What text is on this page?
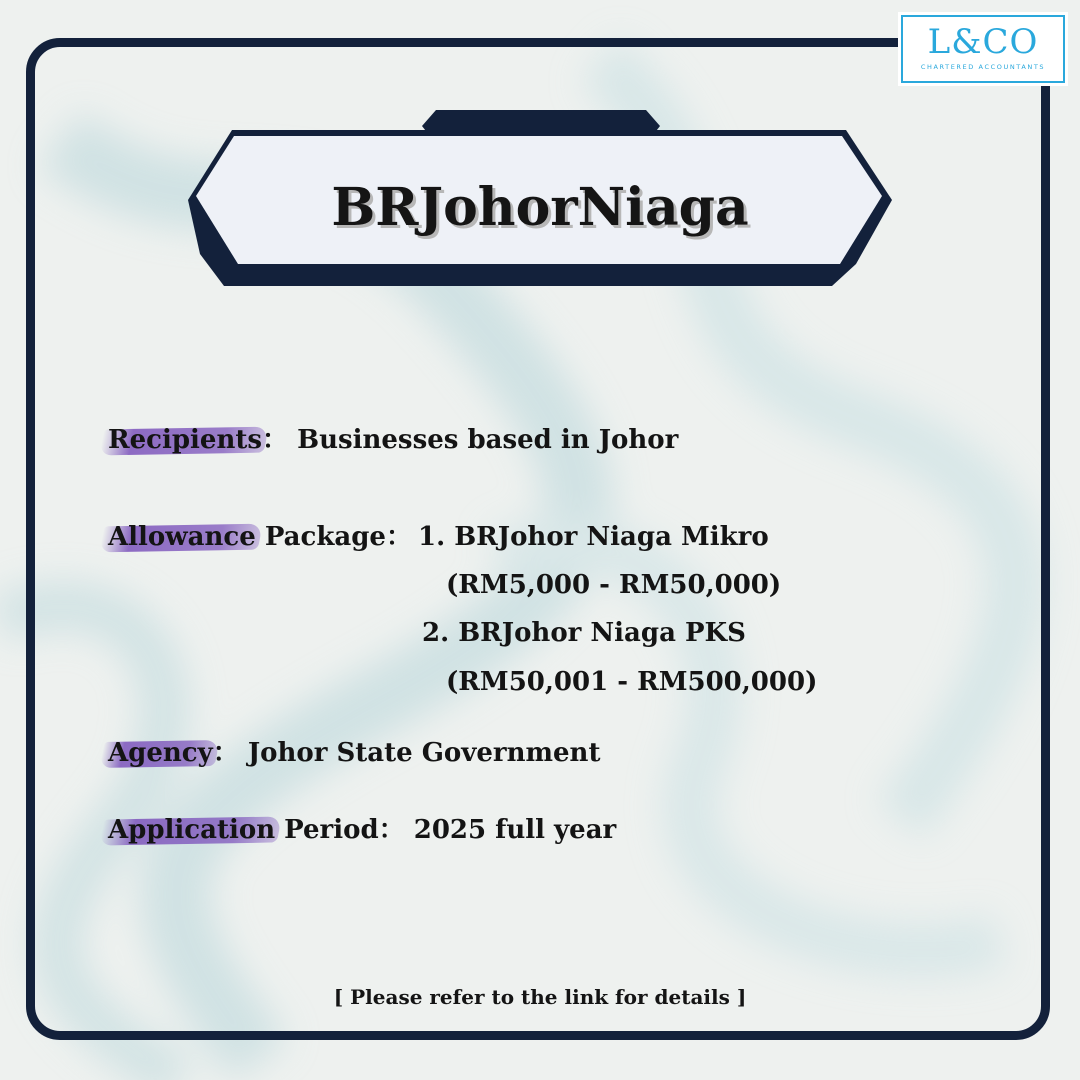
L&CO
CHARTERED ACCOUNTANTS
BRJohorNiaga
Recipients： Businesses based in Johor
Allowance Package： 1. BRJohor Niaga Mikro
(RM5,000 - RM50,000)
2. BRJohor Niaga PKS
(RM50,001 - RM500,000)
Agency： Johor State Government
Application Period： 2025 full year
[ Please refer to the link for details ]
